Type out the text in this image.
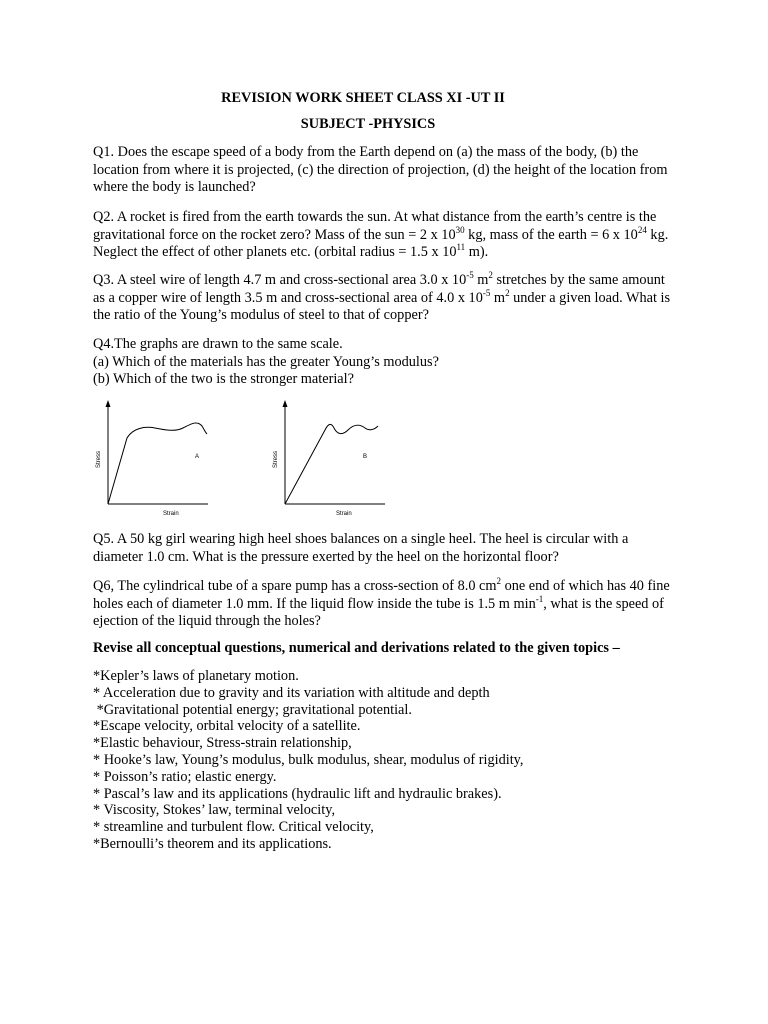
REVISION WORK SHEET CLASS XI -UT II
SUBJECT -PHYSICS
Q1. Does the escape speed of a body from the Earth depend on (a) the mass of the body, (b) the location from where it is projected, (c) the direction of projection, (d) the height of the location from where the body is launched?
Q2. A rocket is fired from the earth towards the sun. At what distance from the earth’s centre is the gravitational force on the rocket zero? Mass of the sun = 2 x $10^{30}$ kg, mass of the earth = 6 x $10^{24}$ kg. Neglect the effect of other planets etc. (orbital radius = 1.5 x $10^{11}$ m).
Q3. A steel wire of length 4.7 m and cross-sectional area 3.0 x $10^{-5}$ $m^2$ stretches by the same amount as a copper wire of length 3.5 m and cross-sectional area of 4.0 x $10^{-5}$ $m^2$ under a given load. What is the ratio of the Young’s modulus of steel to that of copper?
Q4.The graphs are drawn to the same scale.
(a) Which of the materials has the greater Young’s modulus?
(b) Which of the two is the stronger material?
Stress
Strain
A	Stress
Strain
B
Q5. A 50 kg girl wearing high heel shoes balances on a single heel. The heel is circular with a diameter 1.0 cm. What is the pressure exerted by the heel on the horizontal floor?
Q6, The cylindrical tube of a spare pump has a cross-section of 8.0 $cm^2$ one end of which has 40 fine holes each of diameter 1.0 mm. If the liquid flow inside the tube is 1.5 m $\min^{-1}$, what is the speed of ejection of the liquid through the holes?
Revise all conceptual questions, numerical and derivations related to the given topics –
*Kepler’s laws of planetary motion.
* Acceleration due to gravity and its variation with altitude and depth
*Gravitational potential energy; gravitational potential.
*Escape velocity, orbital velocity of a satellite.
*Elastic behaviour, Stress-strain relationship,
* Hooke’s law, Young’s modulus, bulk modulus, shear, modulus of rigidity,
* Poisson’s ratio; elastic energy.
* Pascal’s law and its applications (hydraulic lift and hydraulic brakes).
* Viscosity, Stokes’ law, terminal velocity,
* streamline and turbulent flow. Critical velocity,
*Bernoulli’s theorem and its applications.
